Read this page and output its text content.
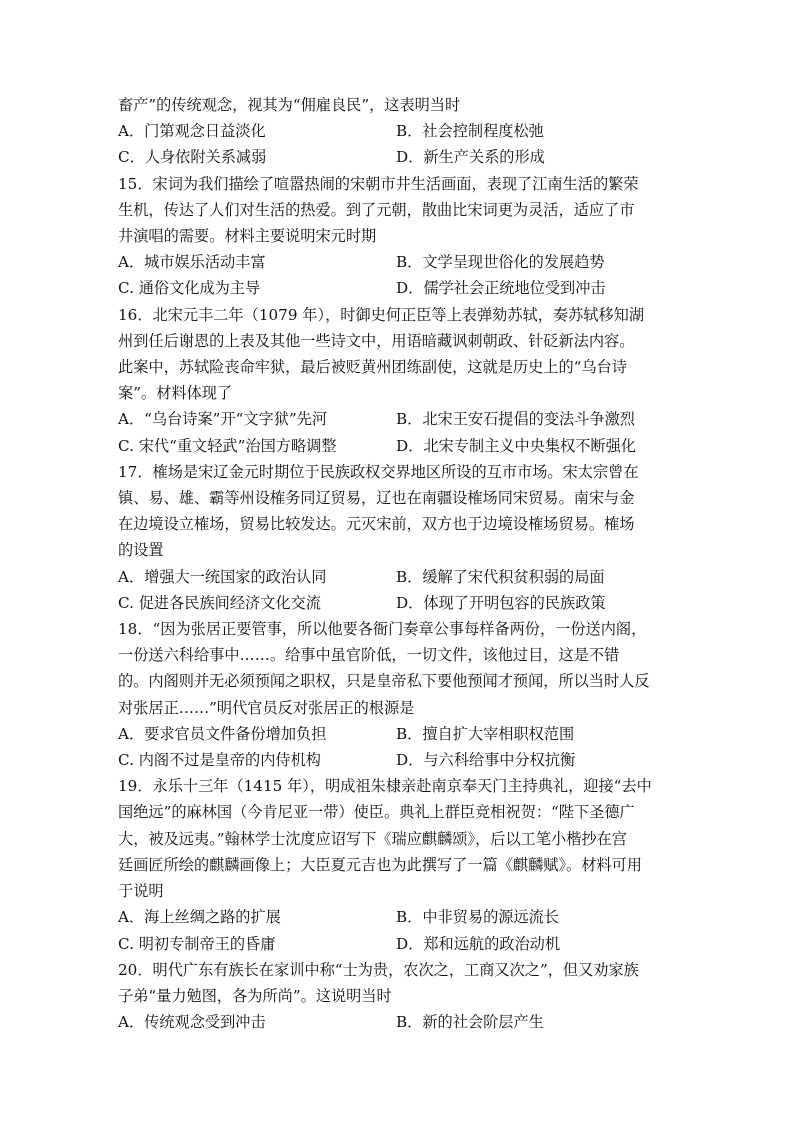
畜产”的传统观念，视其为“佣雇良民”，这表明当时
A．门第观念日益淡化	B．社会控制程度松弛
C．人身依附关系减弱	D．新生产关系的形成
15．宋词为我们描绘了喧嚣热闹的宋朝市井生活画面，表现了江南生活的繁荣
生机，传达了人们对生活的热爱。到了元朝，散曲比宋词更为灵活，适应了市
井演唱的需要。材料主要说明宋元时期
A．城市娱乐活动丰富	B．文学呈现世俗化的发展趋势
C. 通俗文化成为主导	D．儒学社会正统地位受到冲击
16．北宋元丰二年（1079 年），时御史何正臣等上表弹劾苏轼，奏苏轼移知湖
州到任后谢恩的上表及其他一些诗文中，用语暗藏讽刺朝政、针砭新法内容。
此案中，苏轼险丧命牢狱，最后被贬黄州团练副使，这就是历史上的“乌台诗
案”。材料体现了
A．“乌台诗案”开“文字狱”先河	B．北宋王安石提倡的变法斗争激烈
C. 宋代“重文轻武”治国方略调整	D．北宋专制主义中央集权不断强化
17．榷场是宋辽金元时期位于民族政权交界地区所设的互市市场。宋太宗曾在
镇、易、雄、霸等州设榷务同辽贸易，辽也在南疆设榷场同宋贸易。南宋与金
在边境设立榷场，贸易比较发达。元灭宋前，双方也于边境设榷场贸易。榷场
的设置
A．增强大一统国家的政治认同	B．缓解了宋代积贫积弱的局面
C. 促进各民族间经济文化交流	D．体现了开明包容的民族政策
18．“因为张居正要管事，所以他要各衙门奏章公事每样备两份，一份送内阁，
一份送六科给事中……。给事中虽官阶低，一切文件，该他过目，这是不错
的。内阁则并无必须预闻之职权，只是皇帝私下要他预闻才预闻，所以当时人反
对张居正……”明代官员反对张居正的根源是
A．要求官员文件备份增加负担	B．擅自扩大宰相职权范围
C. 内阁不过是皇帝的内侍机构	D．与六科给事中分权抗衡
19．永乐十三年（1415 年），明成祖朱棣亲赴南京奉天门主持典礼，迎接“去中
国绝远”的麻林国（今肯尼亚一带）使臣。典礼上群臣竞相祝贺：“陛下圣德广
大，被及远夷。”翰林学士沈度应诏写下《瑞应麒麟颂》，后以工笔小楷抄在宫
廷画匠所绘的麒麟画像上；大臣夏元吉也为此撰写了一篇《麒麟赋》。材料可用
于说明
A．海上丝绸之路的扩展	B．中非贸易的源远流长
C. 明初专制帝王的昏庸	D．郑和远航的政治动机
20．明代广东有族长在家训中称“士为贵，农次之，工商又次之”，但又劝家族
子弟“量力勉图，各为所尚”。这说明当时
A．传统观念受到冲击	B．新的社会阶层产生
